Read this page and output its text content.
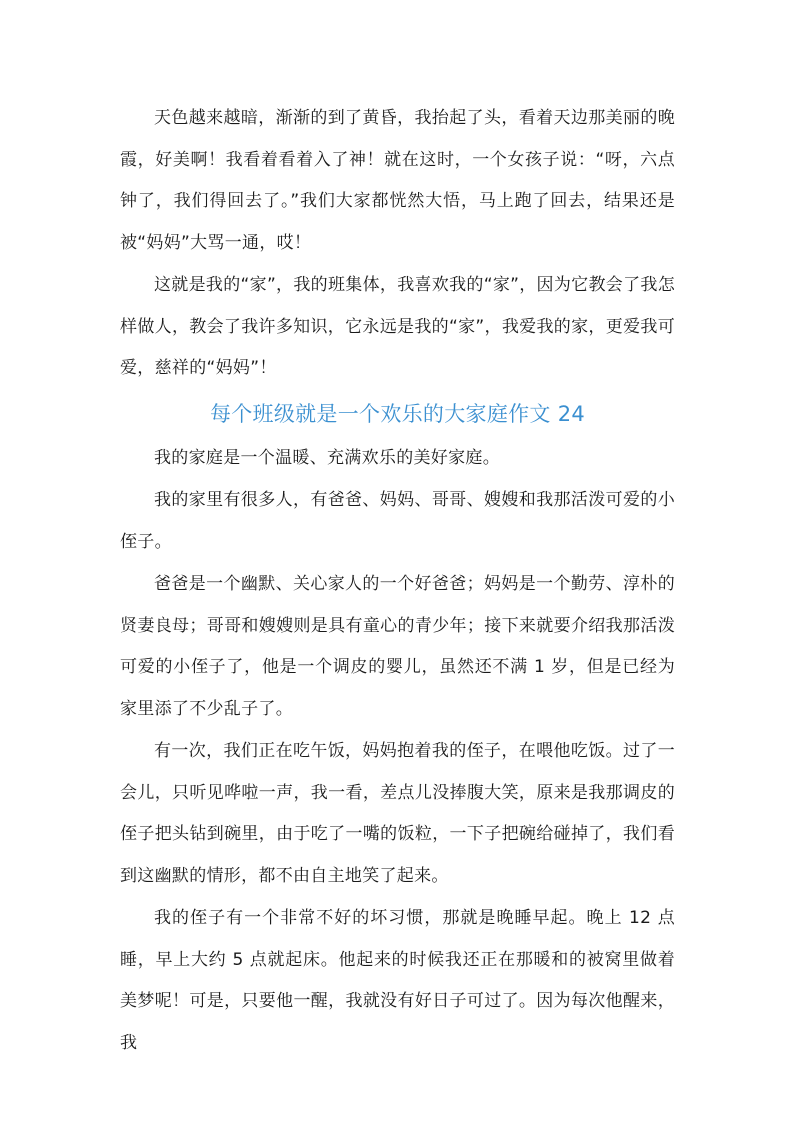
天色越来越暗，渐渐的到了黄昏，我抬起了头，看着天边那美丽的晚霞，好美啊！我看着看着入了神！就在这时，一个女孩子说：“呀，六点钟了，我们得回去了。”我们大家都恍然大悟，马上跑了回去，结果还是被“妈妈”大骂一通，哎！

这就是我的“家”，我的班集体，我喜欢我的“家”，因为它教会了我怎样做人，教会了我许多知识，它永远是我的“家”，我爱我的家，更爱我可爱，慈祥的“妈妈”！

每个班级就是一个欢乐的大家庭作文 24

我的家庭是一个温暖、充满欢乐的美好家庭。

我的家里有很多人，有爸爸、妈妈、哥哥、嫂嫂和我那活泼可爱的小侄子。

爸爸是一个幽默、关心家人的一个好爸爸；妈妈是一个勤劳、淳朴的贤妻良母；哥哥和嫂嫂则是具有童心的青少年；接下来就要介绍我那活泼可爱的小侄子了，他是一个调皮的婴儿，虽然还不满 1 岁，但是已经为家里添了不少乱子了。

有一次，我们正在吃午饭，妈妈抱着我的侄子，在喂他吃饭。过了一会儿，只听见哗啦一声，我一看，差点儿没捧腹大笑，原来是我那调皮的侄子把头钻到碗里，由于吃了一嘴的饭粒，一下子把碗给碰掉了，我们看到这幽默的情形，都不由自主地笑了起来。

我的侄子有一个非常不好的坏习惯，那就是晚睡早起。晚上 12 点睡，早上大约 5 点就起床。他起来的时候我还正在那暖和的被窝里做着美梦呢！可是，只要他一醒，我就没有好日子可过了。因为每次他醒来，我
